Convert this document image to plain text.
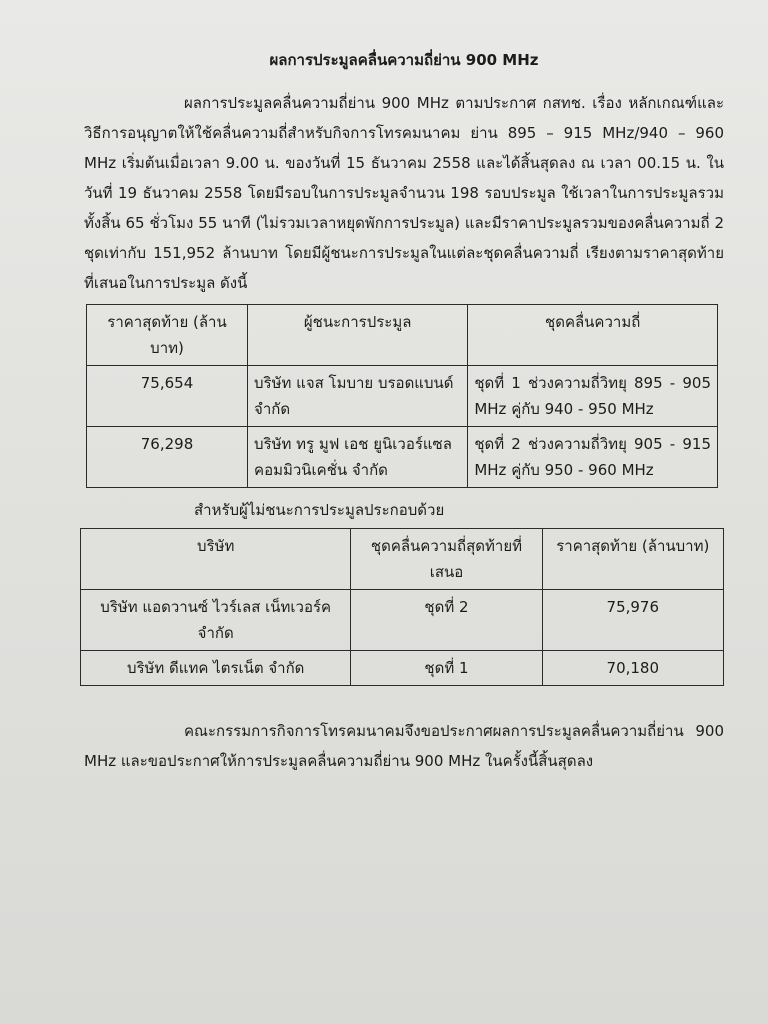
ผลการประมูลคลื่นความถี่ย่าน 900 MHz

ผลการประมูลคลื่นความถี่ย่าน 900 MHz ตามประกาศ กสทช. เรื่อง หลักเกณฑ์และวิธีการอนุญาตให้ใช้คลื่นความถี่สำหรับกิจการโทรคมนาคม ย่าน 895 – 915 MHz/940 – 960 MHz เริ่มต้นเมื่อเวลา 9.00 น. ของวันที่ 15 ธันวาคม 2558 และได้สิ้นสุดลง ณ เวลา 00.15 น. ในวันที่ 19 ธันวาคม 2558 โดยมีรอบในการประมูลจำนวน 198 รอบประมูล ใช้เวลาในการประมูลรวมทั้งสิ้น 65 ชั่วโมง 55 นาที (ไม่รวมเวลาหยุดพักการประมูล) และมีราคาประมูลรวมของคลื่นความถี่ 2 ชุดเท่ากับ 151,952 ล้านบาท โดยมีผู้ชนะการประมูลในแต่ละชุดคลื่นความถี่ เรียงตามราคาสุดท้ายที่เสนอในการประมูล ดังนี้

ราคาสุดท้าย (ล้านบาท)	ผู้ชนะการประมูล	ชุดคลื่นความถี่
75,654	บริษัท แจส โมบาย บรอดแบนด์ จำกัด	ชุดที่ 1 ช่วงความถี่วิทยุ 895 - 905 MHz คู่กับ 940 - 950 MHz
76,298	บริษัท ทรู มูฟ เอช ยูนิเวอร์แซล คอมมิวนิเคชั่น จำกัด	ชุดที่ 2 ช่วงความถี่วิทยุ 905 - 915 MHz คู่กับ 950 - 960 MHz
สำหรับผู้ไม่ชนะการประมูลประกอบด้วย
บริษัท	ชุดคลื่นความถี่สุดท้ายที่เสนอ	ราคาสุดท้าย (ล้านบาท)
บริษัท แอดวานซ์ ไวร์เลส เน็ทเวอร์ค จำกัด	ชุดที่ 2	75,976
บริษัท ดีแทค ไตรเน็ต จำกัด	ชุดที่ 1	70,180

คณะกรรมการกิจการโทรคมนาคมจึงขอประกาศผลการประมูลคลื่นความถี่ย่าน 900 MHz และขอประกาศให้การประมูลคลื่นความถี่ย่าน 900 MHz ในครั้งนี้สิ้นสุดลง
